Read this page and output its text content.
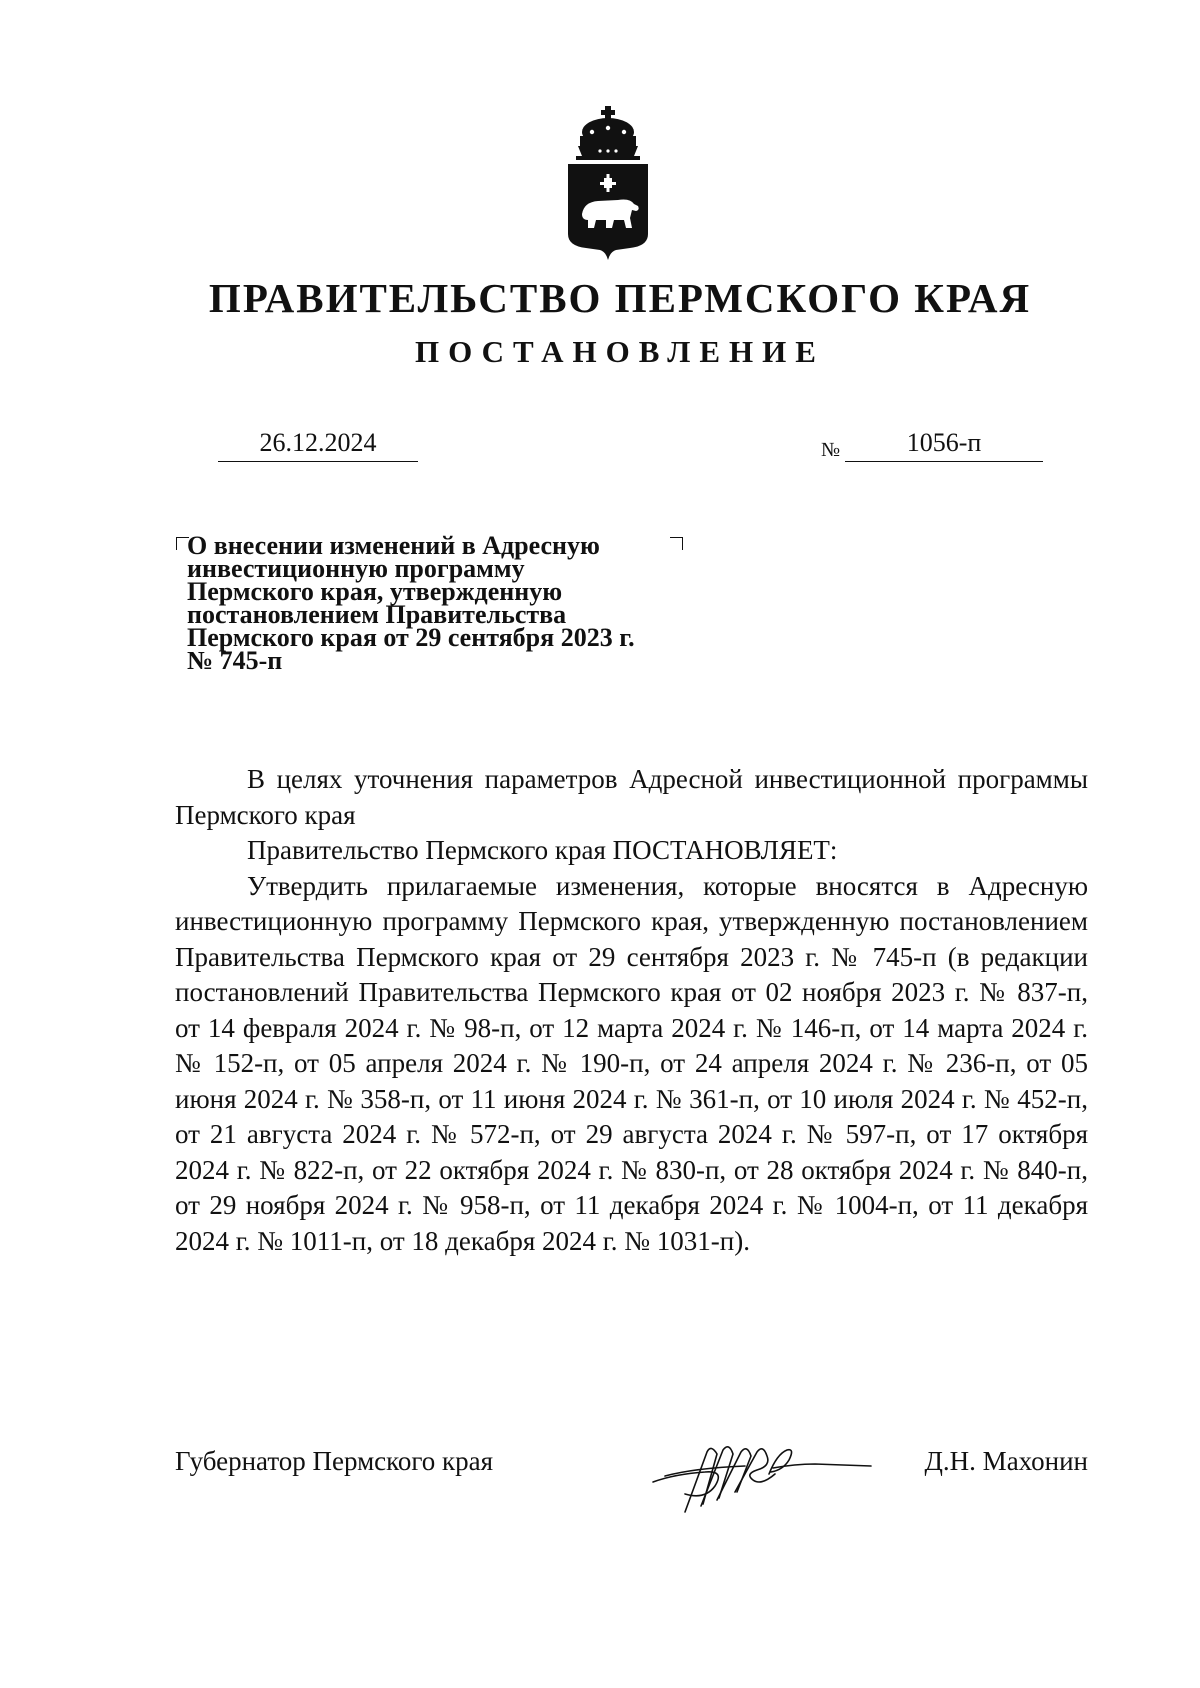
ПРАВИТЕЛЬСТВО ПЕРМСКОГО КРАЯ
ПОСТАНОВЛЕНИЕ
26.12.2024	№	1056-п
О внесении изменений в Адресную
инвестиционную программу
Пермского края, утвержденную
постановлением Правительства
Пермского края от 29 сентября 2023 г.
№ 745-п

В целях уточнения параметров Адресной инвестиционной программы Пермского края

Правительство Пермского края ПОСТАНОВЛЯЕТ:

Утвердить прилагаемые изменения, которые вносятся в Адресную инвестиционную программу Пермского края, утвержденную постановлением Правительства Пермского края от 29 сентября 2023 г. № 745-п (в редакции постановлений Правительства Пермского края от 02 ноября 2023 г. № 837-п, от 14 февраля 2024 г. № 98-п, от 12 марта 2024 г. № 146-п, от 14 марта 2024 г. № 152-п, от 05 апреля 2024 г. № 190-п, от 24 апреля 2024 г. № 236-п, от 05 июня 2024 г. № 358-п, от 11 июня 2024 г. № 361-п, от 10 июля 2024 г. № 452-п, от 21 августа 2024 г. № 572-п, от 29 августа 2024 г. № 597-п, от 17 октября 2024 г. № 822-п, от 22 октября 2024 г. № 830-п, от 28 октября 2024 г. № 840-п, от 29 ноября 2024 г. № 958-п, от 11 декабря 2024 г. № 1004-п, от 11 декабря 2024 г. № 1011-п, от 18 декабря 2024 г. № 1031-п).

Губернатор Пермского края	Д.Н. Махонин
